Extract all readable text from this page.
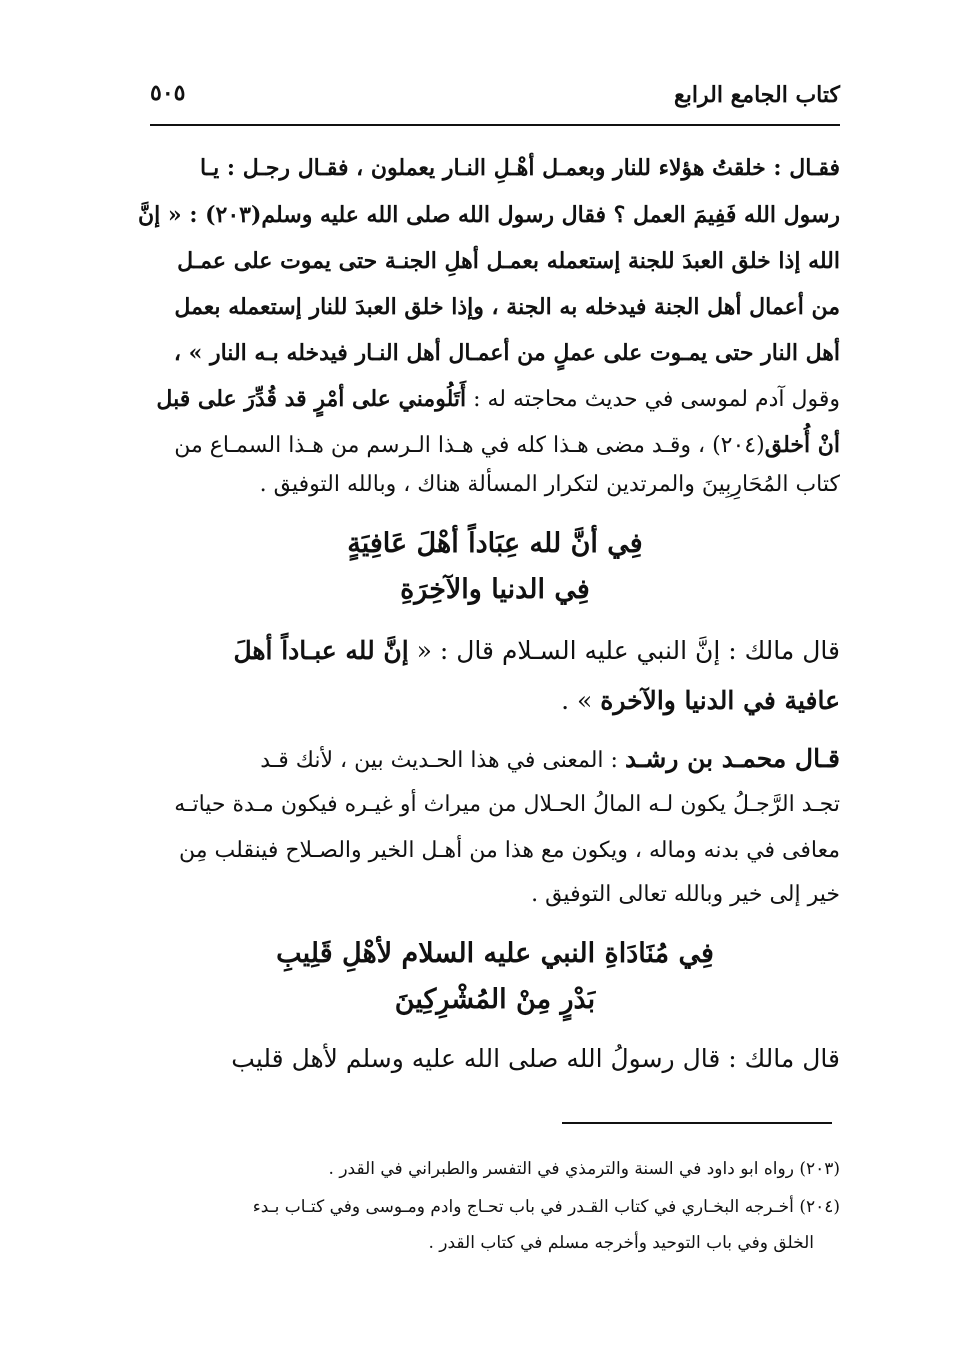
كتاب الجامع الرابع
٥٠٥
فقـال : خلقتُ هؤلاء للنار وبعمـل أهْـلِ النـار يعملون ، فقـال رجـل : يـا
رسول الله فَفِيمَ العمل ؟ فقال رسول الله صلى الله عليه وسلم(٢٠٣) : « إنَّ
الله إذا خلق العبدَ للجنة إستعمله بعمـل أهلِ الجنـة حتى يموت على عمـل
من أعمال أهل الجنة فيدخله به الجنة ، وإذا خلق العبدَ للنار إستعمله بعمل
أهل النار حتى يمـوت على عملٍ من أعمـال أهل النـار فيدخله بـه النار » ،
وقول آدم لموسى في حديث محاجته له : أَتَلُومني على أمْرٍ قد قُدِّرَ على قبل
أنْ أُخلق(٢٠٤) ، وقـد مضى هـذا كله في هـذا الـرسم من هـذا السمـاع من
كتاب المُحَارِبِينَ والمرتدين لتكرار المسألة هناك ، وبالله التوفيق .
فِي أنَّ لله عِبَاداً أهْلَ عَافِيَةٍ
فِي الدنيا والآخِرَةِ
قال مالك : إنَّ النبي عليه السـلام قال : « إنَّ لله عبـاداً أهلَ
عافية في الدنيا والآخرة » .
قـال محمـد بن رشـد : المعنى في هذا الحـديث بين ، لأنك قـد
تجـد الرَّجـلُ يكون لـه المالُ الحـلال من ميراث أو غيـره فيكون مـدة حياتـه
معافى في بدنه وماله ، ويكون مع هذا من أهـل الخير والصـلاح فينقلب مِن
خير إلى خير وبالله تعالى التوفيق .
فِي مُنَادَاةِ النبي عليه السلام لأهْلِ قَلِيبِ
بَدْرٍ مِنْ المُشْرِكِينَ
قال مالك : قال رسولُ الله صلى الله عليه وسلم لأهل قليب
(٢٠٣) رواه ابو داود في السنة والترمذي في التفسر والطبراني في القدر .
(٢٠٤) أخـرجه البخـاري في كتاب القـدر في باب تحـاج وادم ومـوسى وفي كتـاب بـدء
الخلق وفي باب التوحيد وأخرجه مسلم في كتاب القدر .
